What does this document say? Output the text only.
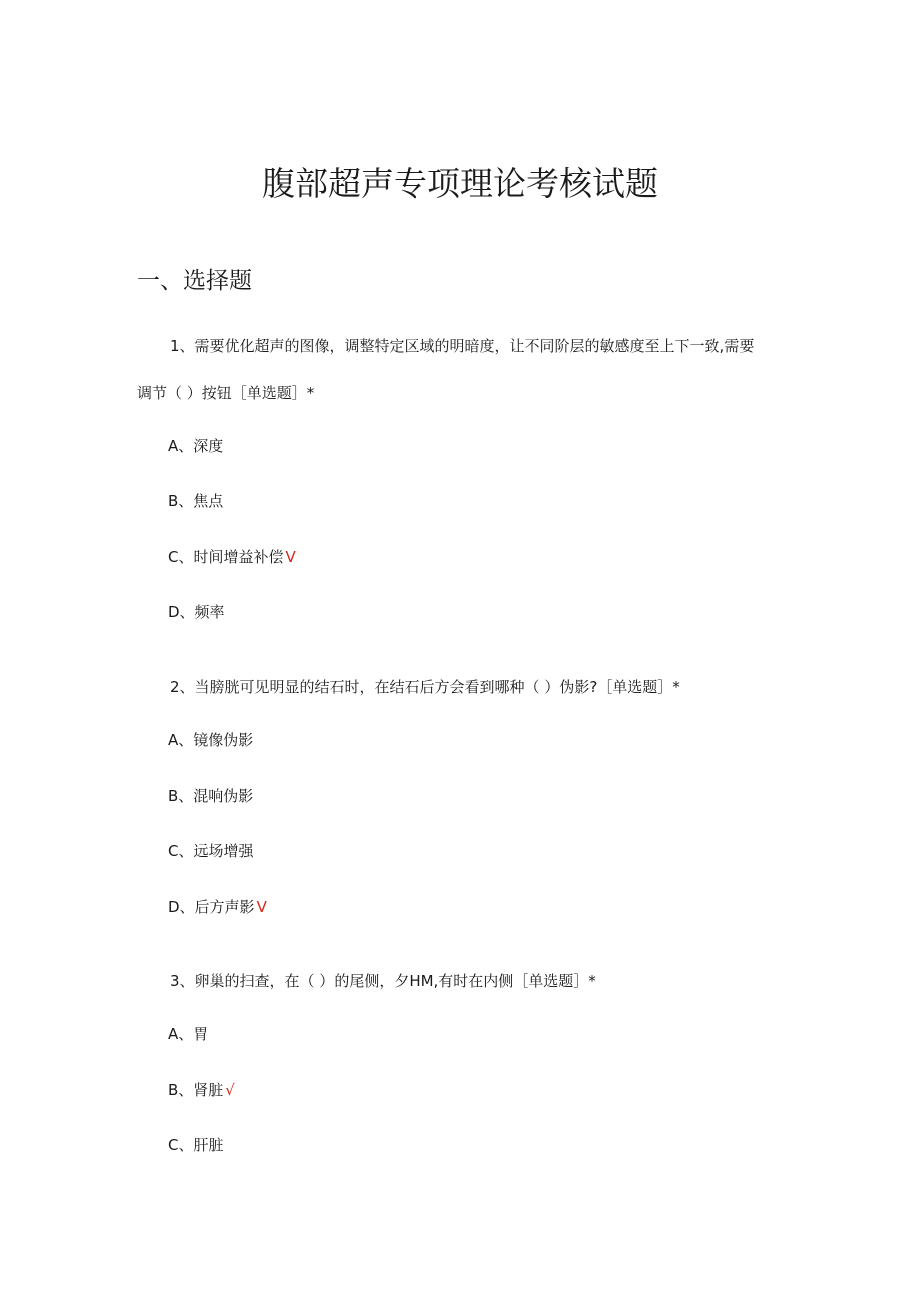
腹部超声专项理论考核试题
一、选择题
1、需要优化超声的图像，调整特定区域的明暗度，让不同阶层的敏感度至上下一致,需要
调节（ ）按钮［单选题］*
A、深度
B、焦点
C、时间增益补偿 V
D、频率
2、当膀胱可见明显的结石时，在结石后方会看到哪种（ ）伪影?［单选题］*
A、镜像伪影
B、混响伪影
C、远场增强
D、后方声影 V
3、卵巢的扫查，在（ ）的尾侧，夕HM,有时在内侧［单选题］*
A、胃
B、肾脏 √
C、肝脏
